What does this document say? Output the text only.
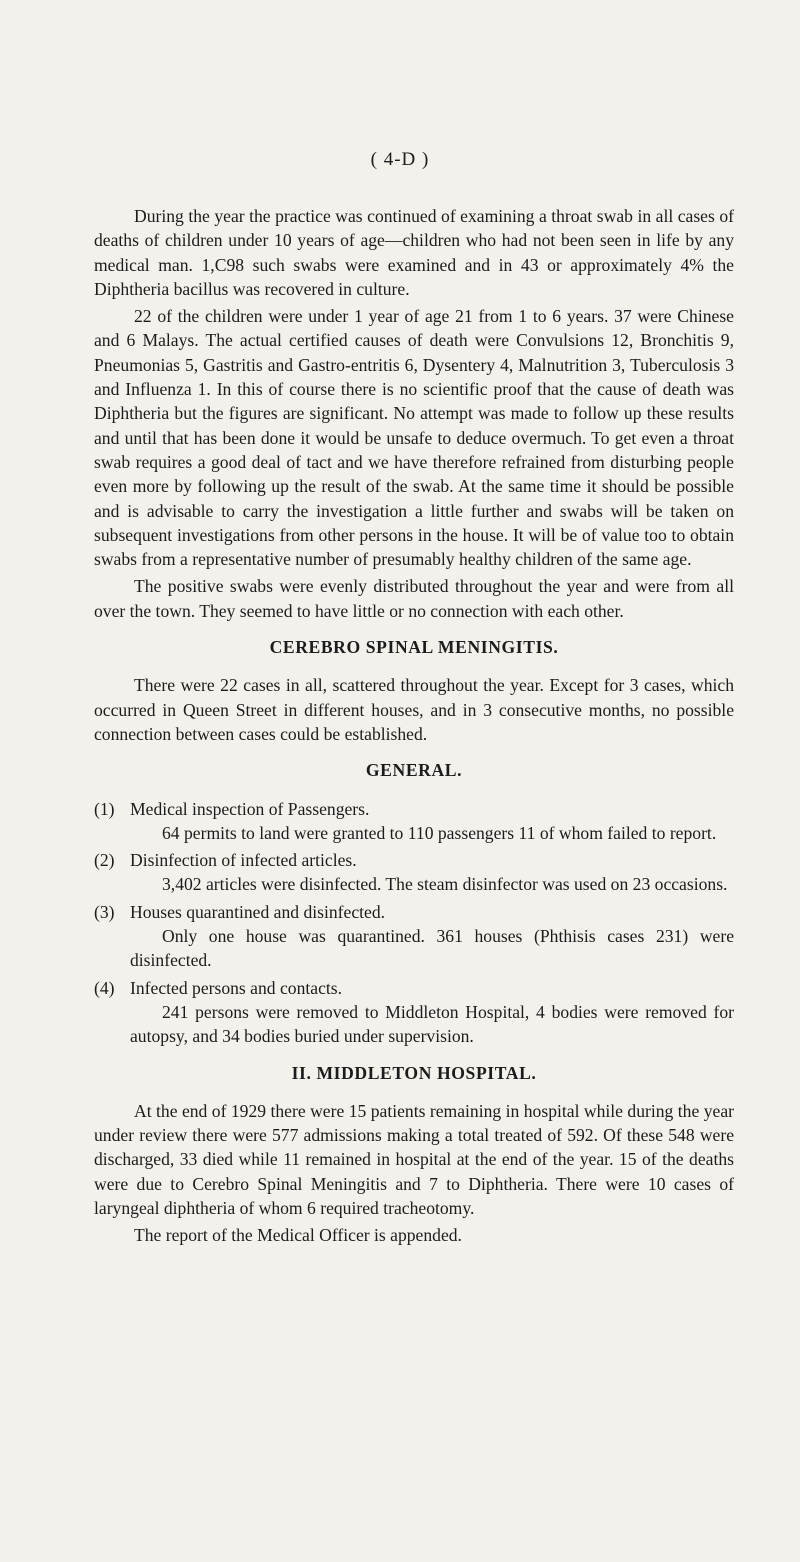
( 4-D )

During the year the practice was continued of examining a throat swab in all cases of deaths of children under 10 years of age—children who had not been seen in life by any medical man. 1,C98 such swabs were examined and in 43 or approximately 4% the Diphtheria bacillus was recovered in culture.

22 of the children were under 1 year of age 21 from 1 to 6 years. 37 were Chinese and 6 Malays. The actual certified causes of death were Convulsions 12, Bronchitis 9, Pneumonias 5, Gastritis and Gastro-entritis 6, Dysentery 4, Malnutrition 3, Tuberculosis 3 and Influenza 1. In this of course there is no scientific proof that the cause of death was Diphtheria but the figures are significant. No attempt was made to follow up these results and until that has been done it would be unsafe to deduce overmuch. To get even a throat swab requires a good deal of tact and we have therefore refrained from disturbing people even more by following up the result of the swab. At the same time it should be possible and is advisable to carry the investigation a little further and swabs will be taken on subsequent investigations from other persons in the house. It will be of value too to obtain swabs from a representative number of presumably healthy children of the same age.

The positive swabs were evenly distributed throughout the year and were from all over the town. They seemed to have little or no connection with each other.

CEREBRO SPINAL MENINGITIS.

There were 22 cases in all, scattered throughout the year. Except for 3 cases, which occurred in Queen Street in different houses, and in 3 consecutive months, no possible connection between cases could be established.

GENERAL.
(1) Medical inspection of Passengers.
64 permits to land were granted to 110 passengers 11 of whom failed to report.
(2) Disinfection of infected articles.
3,402 articles were disinfected. The steam disinfector was used on 23 occasions.
(3) Houses quarantined and disinfected.
Only one house was quarantined. 361 houses (Phthisis cases 231) were disinfected.
(4) Infected persons and contacts.
241 persons were removed to Middleton Hospital, 4 bodies were removed for autopsy, and 34 bodies buried under supervision.
II. MIDDLETON HOSPITAL.

At the end of 1929 there were 15 patients remaining in hospital while during the year under review there were 577 admissions making a total treated of 592. Of these 548 were discharged, 33 died while 11 remained in hospital at the end of the year. 15 of the deaths were due to Cerebro Spinal Meningitis and 7 to Diphtheria. There were 10 cases of laryngeal diphtheria of whom 6 required tracheotomy.

The report of the Medical Officer is appended.
